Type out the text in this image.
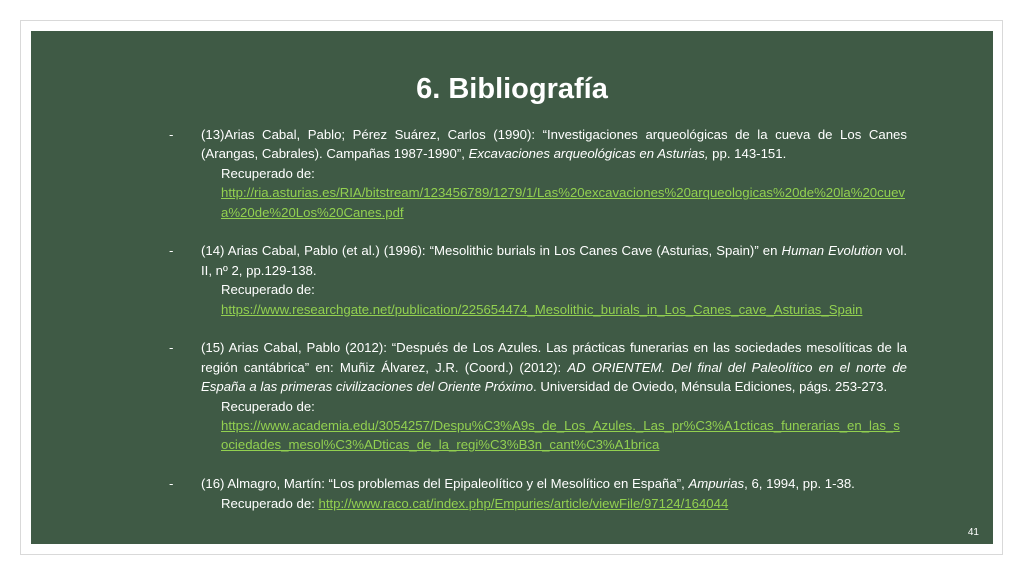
6. Bibliografía
- (13)Arias Cabal, Pablo; Pérez Suárez, Carlos (1990): “Investigaciones arqueológicas de la cueva de Los Canes (Arangas, Cabrales). Campañas 1987-1990”, Excavaciones arqueológicas en Asturias, pp. 143-151.
Recuperado de:
http://ria.asturias.es/RIA/bitstream/123456789/1279/1/Las%20excavaciones%20arqueologicas%20de%20la%20cueva%20de%20Los%20Canes.pdf
- (14) Arias Cabal, Pablo (et al.) (1996): “Mesolithic burials in Los Canes Cave (Asturias, Spain)” en Human Evolution vol. II, nº 2, pp.129-138.
Recuperado de:
https://www.researchgate.net/publication/225654474_Mesolithic_burials_in_Los_Canes_cave_Asturias_Spain
- (15) Arias Cabal, Pablo (2012): “Después de Los Azules. Las prácticas funerarias en las sociedades mesolíticas de la región cantábrica” en: Muñiz Álvarez, J.R. (Coord.) (2012): AD ORIENTEM. Del final del Paleolítico en el norte de España a las primeras civilizaciones del Oriente Próximo. Universidad de Oviedo, Ménsula Ediciones, págs. 253-273.
Recuperado de:
https://www.academia.edu/3054257/Despu%C3%A9s_de_Los_Azules._Las_pr%C3%A1cticas_funerarias_en_las_sociedades_mesol%C3%ADticas_de_la_regi%C3%B3n_cant%C3%A1brica
- (16) Almagro, Martín: “Los problemas del Epipaleolítico y el Mesolítico en España”, Ampurias, 6, 1994, pp. 1-38.
Recuperado de: http://www.raco.cat/index.php/Empuries/article/viewFile/97124/164044
41
